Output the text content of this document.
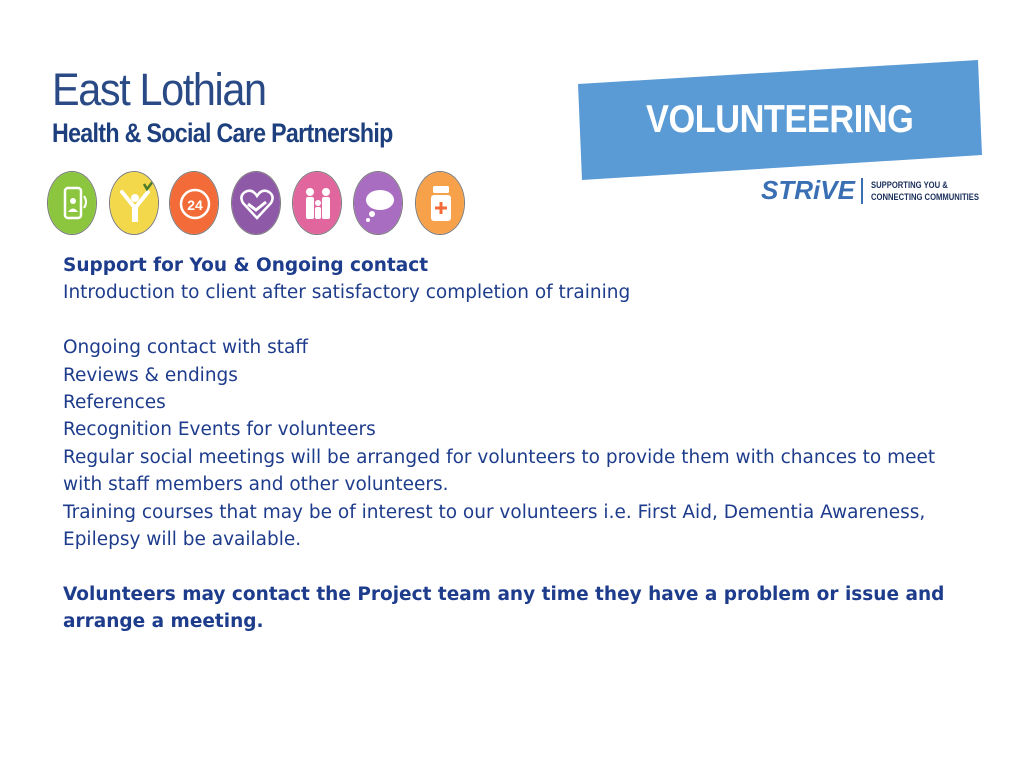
East Lothian
Health & Social Care Partnership
24
VOLUNTEERING
STRiVE SUPPORTING YOU &
CONNECTING COMMUNITIES

Support for You & Ongoing contact

Introduction to client after satisfactory completion of training

Ongoing contact with staff

Reviews & endings

References

Recognition Events for volunteers

Regular social meetings will be arranged for volunteers to provide them with chances to meet with staff members and other volunteers.

Training courses that may be of interest to our volunteers i.e. First Aid, Dementia Awareness, Epilepsy will be available.

Volunteers may contact the Project team any time they have a problem or issue and arrange a meeting.
